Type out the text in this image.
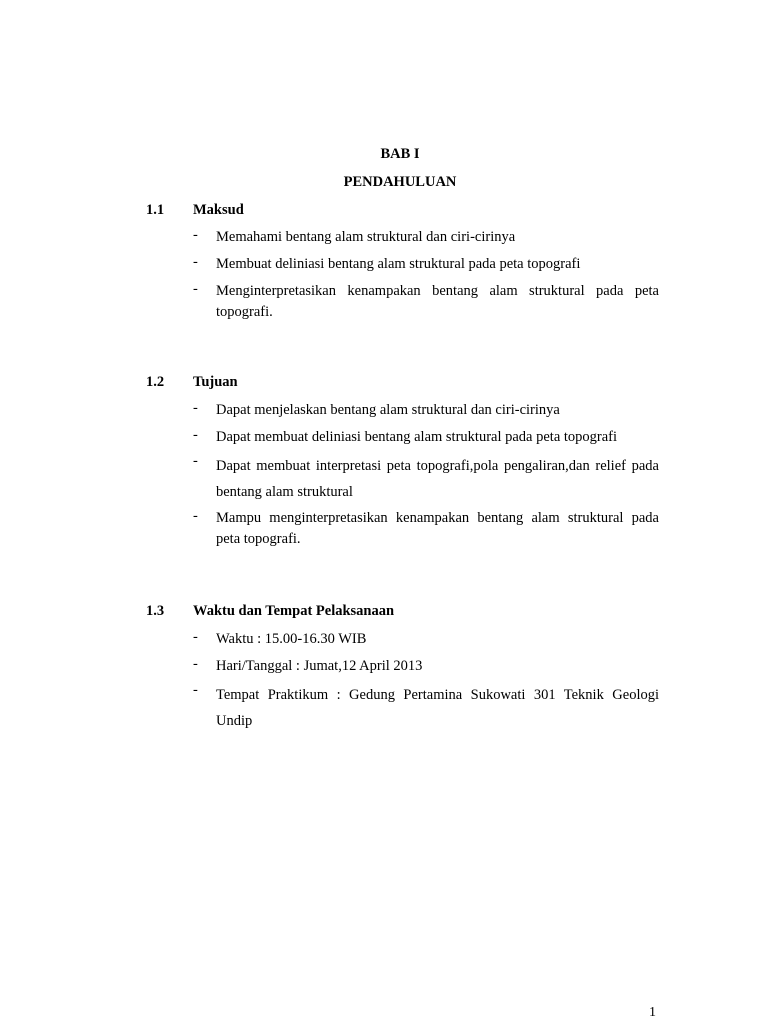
BAB I
PENDAHULUAN
1.1 Maksud
- Memahami bentang alam struktural dan ciri-cirinya
- Membuat deliniasi bentang alam struktural pada peta topografi
- Menginterpretasikan kenampakan bentang alam struktural pada peta topografi.
1.2 Tujuan
- Dapat menjelaskan bentang alam struktural dan ciri-cirinya
- Dapat membuat deliniasi bentang alam struktural pada peta topografi
- Dapat membuat interpretasi peta topografi,pola pengaliran,dan relief pada bentang alam struktural
- Mampu menginterpretasikan kenampakan bentang alam struktural pada peta topografi.
1.3 Waktu dan Tempat Pelaksanaan
- Waktu : 15.00-16.30 WIB
- Hari/Tanggal : Jumat,12 April 2013
- Tempat Praktikum : Gedung Pertamina Sukowati 301 Teknik Geologi Undip
1
